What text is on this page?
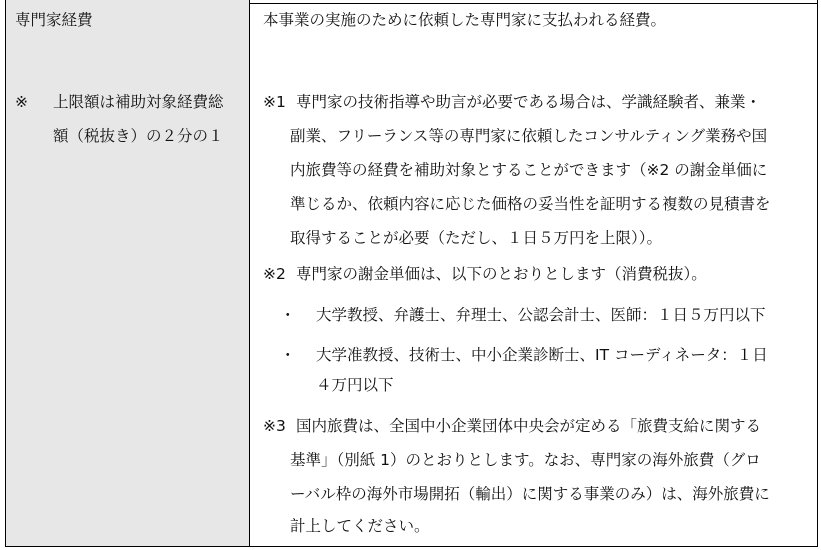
専門家経費
※ 上限額は補助対象経費総
額（税抜き）の２分の１
本事業の実施のために依頼した専門家に支払われる経費。
※1 専門家の技術指導や助言が必要である場合は、学識経験者、兼業・
副業、フリーランス等の専門家に依頼したコンサルティング業務や国
内旅費等の経費を補助対象とすることができます（※2 の謝金単価に
準じるか、依頼内容に応じた価格の妥当性を証明する複数の見積書を
取得することが必要（ただし、１日５万円を上限））。
※2 専門家の謝金単価は、以下のとおりとします（消費税抜）。
・ 大学教授、弁護士、弁理士、公認会計士、医師：１日５万円以下
・ 大学准教授、技術士、中小企業診断士、IT コーディネータ：１日
４万円以下
※3 国内旅費は、全国中小企業団体中央会が定める「旅費支給に関する
基準」（別紙 1）のとおりとします。なお、専門家の海外旅費（グロ
ーバル枠の海外市場開拓（輸出）に関する事業のみ）は、海外旅費に
計上してください。
